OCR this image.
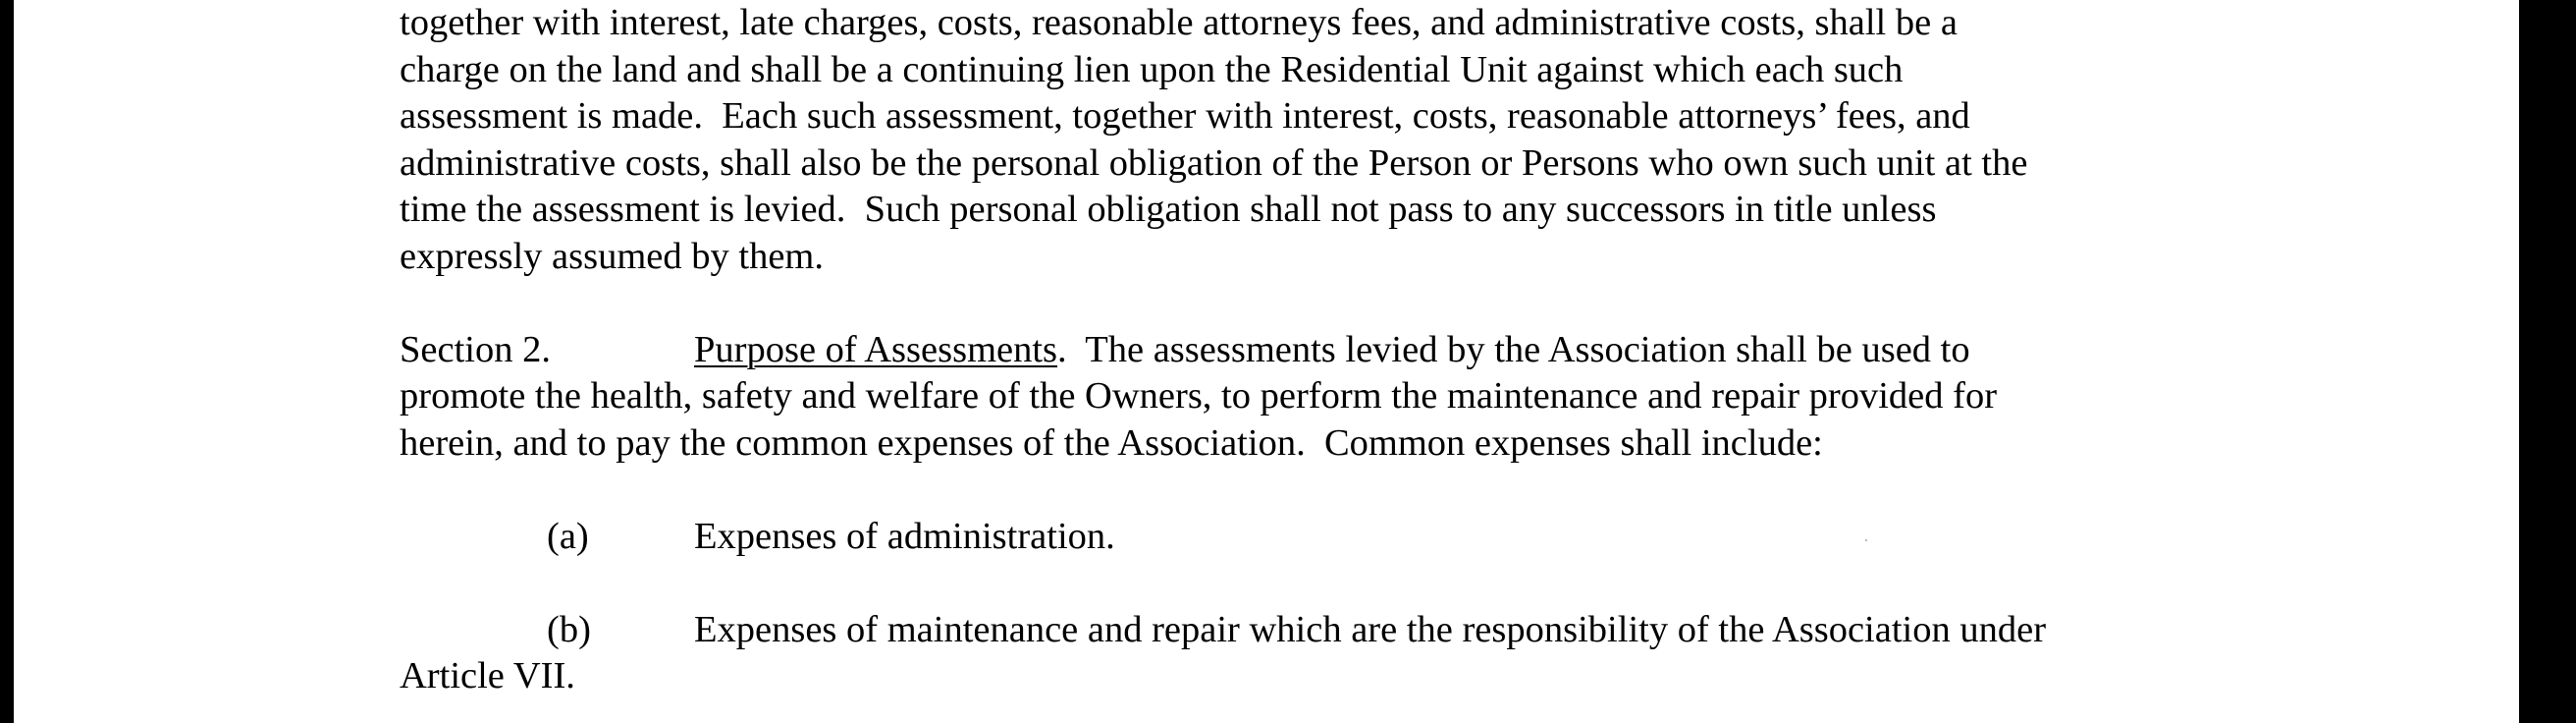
together with interest, late charges, costs, reasonable attorneys fees, and administrative costs, shall be a
charge on the land and shall be a continuing lien upon the Residential Unit against which each such
assessment is made.  Each such assessment, together with interest, costs, reasonable attorneys’ fees, and
administrative costs, shall also be the personal obligation of the Person or Persons who own such unit at the
time the assessment is levied.  Such personal obligation shall not pass to any successors in title unless
expressly assumed by them.
Section 2.	Purpose of Assessments.  The assessments levied by the Association shall be used to
promote the health, safety and welfare of the Owners, to perform the maintenance and repair provided for
herein, and to pay the common expenses of the Association.  Common expenses shall include:
(a)	Expenses of administration.
(b)	Expenses of maintenance and repair which are the responsibility of the Association under
Article VII.
